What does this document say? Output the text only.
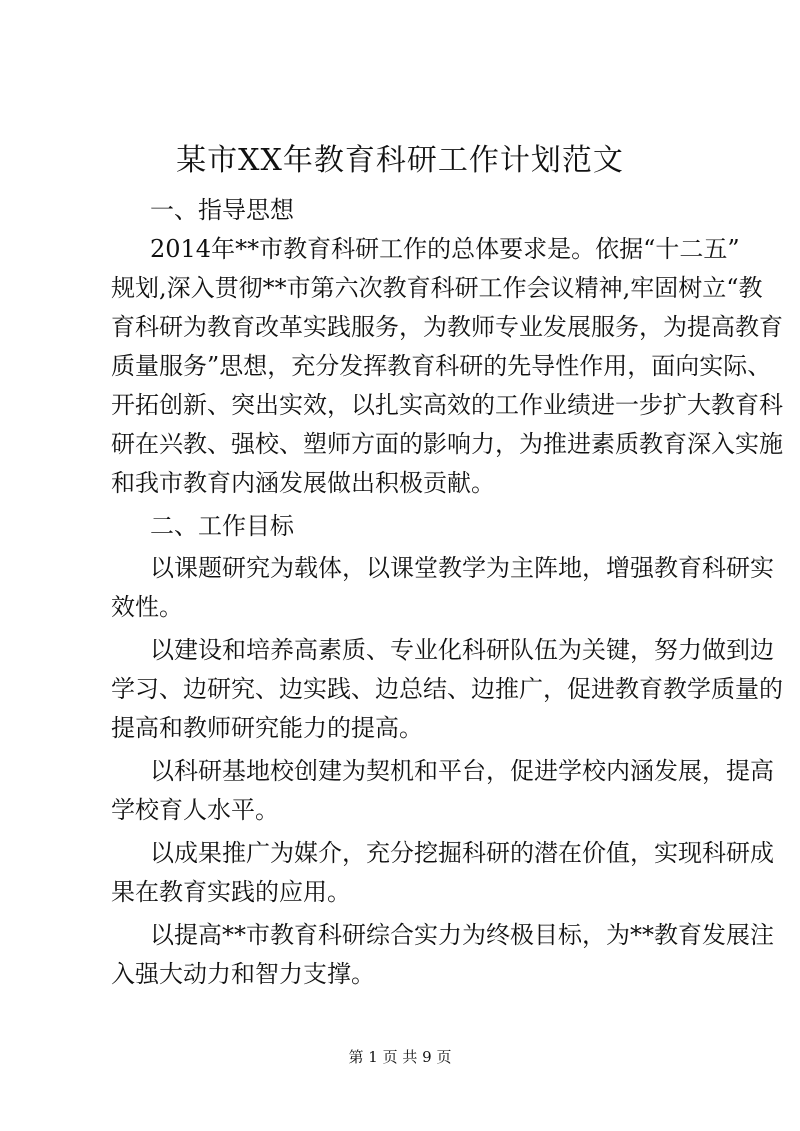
某市XX年教育科研工作计划范文
一、指导思想
2014年**市教育科研工作的总体要求是。依据“十二五”
规划,深入贯彻**市第六次教育科研工作会议精神,牢固树立“教
育科研为教育改革实践服务，为教师专业发展服务，为提高教育
质量服务”思想，充分发挥教育科研的先导性作用，面向实际、
开拓创新、突出实效，以扎实高效的工作业绩进一步扩大教育科
研在兴教、强校、塑师方面的影响力，为推进素质教育深入实施
和我市教育内涵发展做出积极贡献。
二、工作目标
以课题研究为载体，以课堂教学为主阵地，增强教育科研实
效性。
以建设和培养高素质、专业化科研队伍为关键，努力做到边
学习、边研究、边实践、边总结、边推广，促进教育教学质量的
提高和教师研究能力的提高。
以科研基地校创建为契机和平台，促进学校内涵发展，提高
学校育人水平。
以成果推广为媒介，充分挖掘科研的潜在价值，实现科研成
果在教育实践的应用。
以提高**市教育科研综合实力为终极目标，为**教育发展注
入强大动力和智力支撑。
第 1 页 共 9 页
